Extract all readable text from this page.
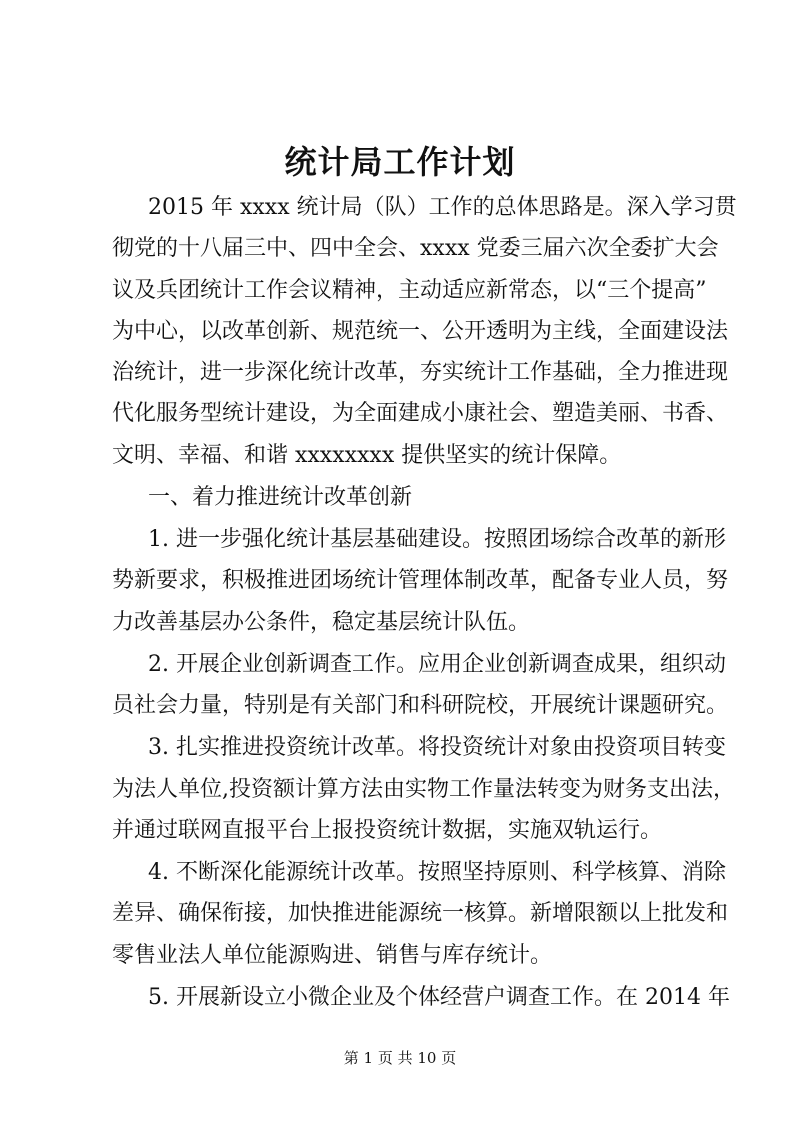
统计局工作计划
2015 年 xxxx 统计局（队）工作的总体思路是。深入学习贯
彻党的十八届三中、四中全会、xxxx 党委三届六次全委扩大会
议及兵团统计工作会议精神，主动适应新常态，以“三个提高”
为中心，以改革创新、规范统一、公开透明为主线，全面建设法
治统计，进一步深化统计改革，夯实统计工作基础，全力推进现
代化服务型统计建设，为全面建成小康社会、塑造美丽、书香、
文明、幸福、和谐 xxxxxxxx 提供坚实的统计保障。
一、着力推进统计改革创新
1. 进一步强化统计基层基础建设。按照团场综合改革的新形
势新要求，积极推进团场统计管理体制改革，配备专业人员，努
力改善基层办公条件，稳定基层统计队伍。
2. 开展企业创新调查工作。应用企业创新调查成果，组织动
员社会力量，特别是有关部门和科研院校，开展统计课题研究。
3. 扎实推进投资统计改革。将投资统计对象由投资项目转变
为法人单位,投资额计算方法由实物工作量法转变为财务支出法，
并通过联网直报平台上报投资统计数据，实施双轨运行。
4. 不断深化能源统计改革。按照坚持原则、科学核算、消除
差异、确保衔接，加快推进能源统一核算。新增限额以上批发和
零售业法人单位能源购进、销售与库存统计。
5. 开展新设立小微企业及个体经营户调查工作。在 2014 年
第 1 页 共 10 页
